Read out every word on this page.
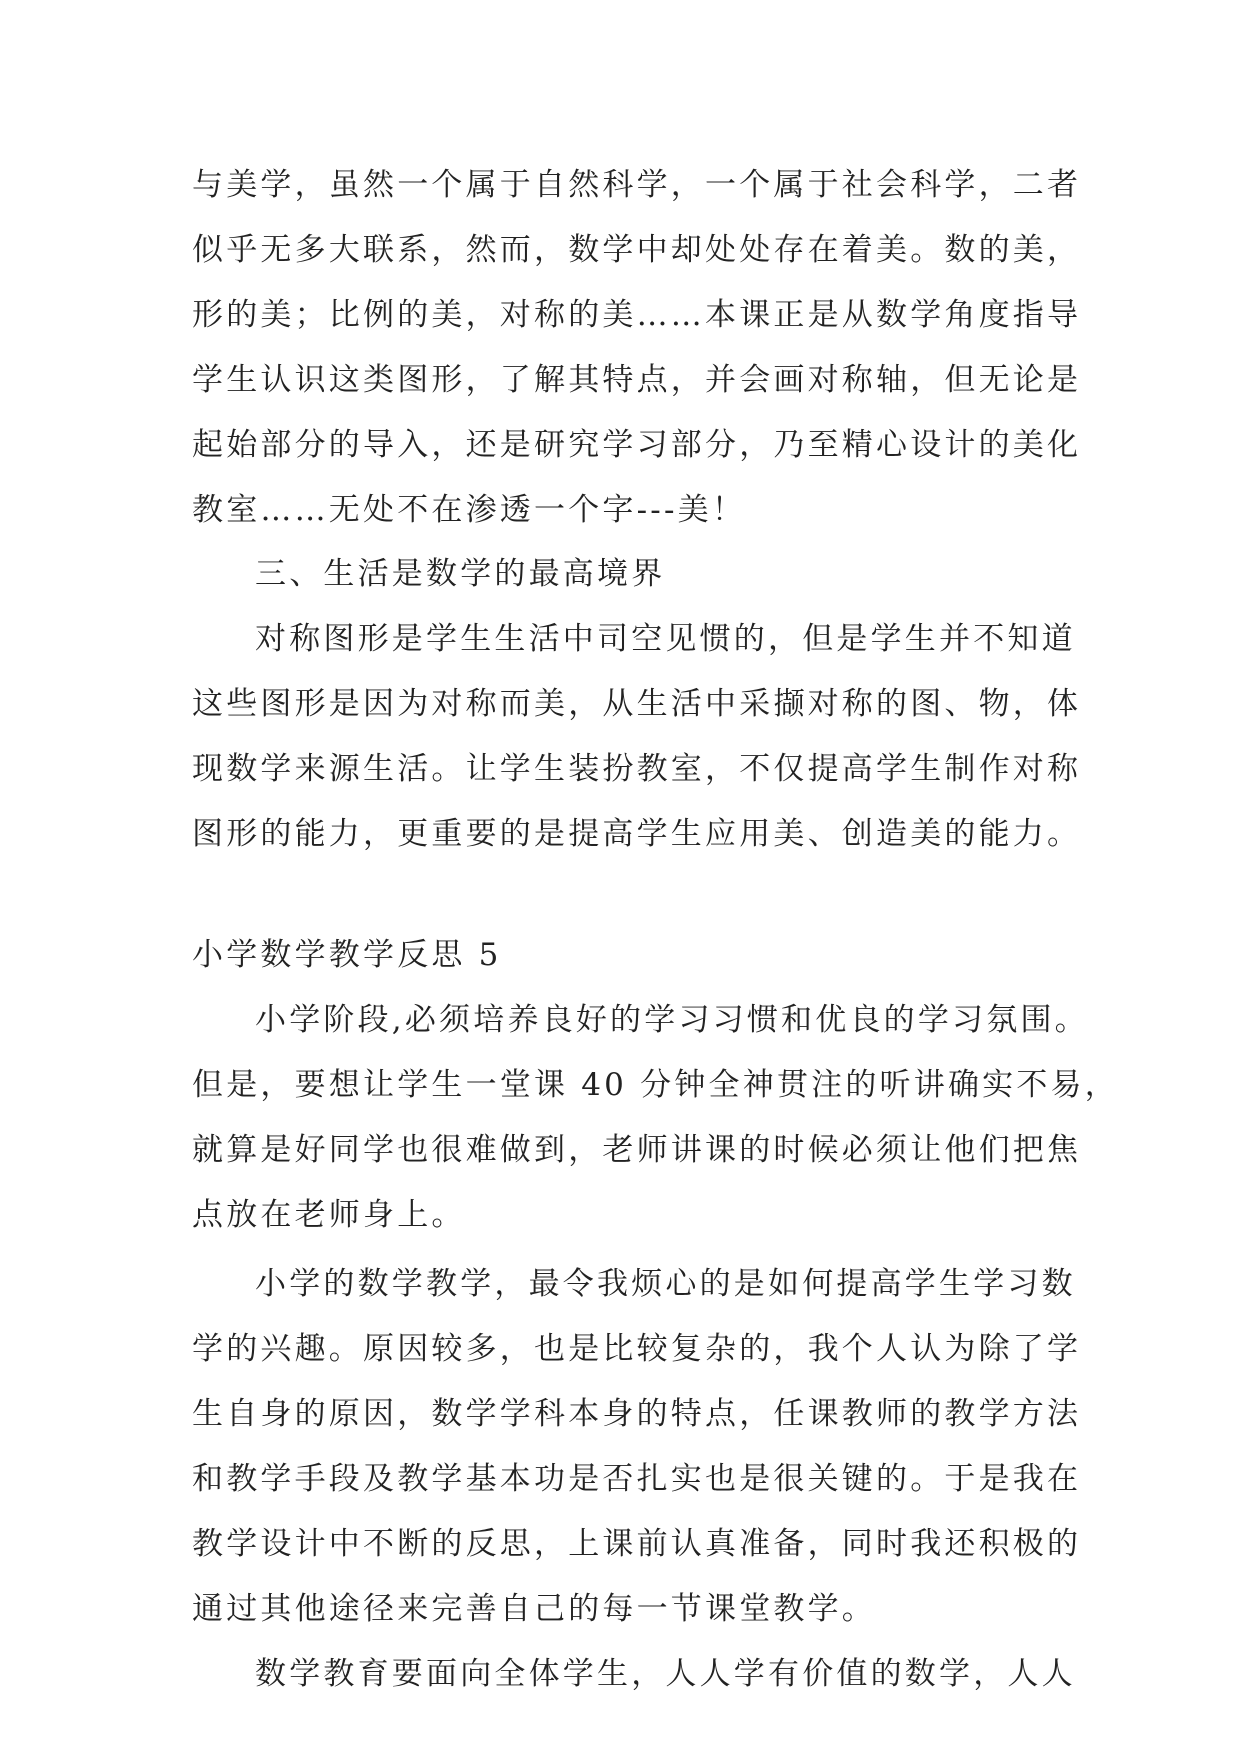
与美学，虽然一个属于自然科学，一个属于社会科学，二者
似乎无多大联系，然而，数学中却处处存在着美。数的美，
形的美；比例的美，对称的美……本课正是从数学角度指导
学生认识这类图形，了解其特点，并会画对称轴，但无论是
起始部分的导入，还是研究学习部分，乃至精心设计的美化
教室……无处不在渗透一个字---美！
三、生活是数学的最高境界
对称图形是学生生活中司空见惯的，但是学生并不知道
这些图形是因为对称而美，从生活中采撷对称的图、物，体
现数学来源生活。让学生装扮教室，不仅提高学生制作对称
图形的能力，更重要的是提高学生应用美、创造美的能力。
小学数学教学反思 5
小学阶段,必须培养良好的学习习惯和优良的学习氛围。
但是，要想让学生一堂课 40 分钟全神贯注的听讲确实不易，
就算是好同学也很难做到，老师讲课的时候必须让他们把焦
点放在老师身上。
小学的数学教学，最令我烦心的是如何提高学生学习数
学的兴趣。原因较多，也是比较复杂的，我个人认为除了学
生自身的原因，数学学科本身的特点，任课教师的教学方法
和教学手段及教学基本功是否扎实也是很关键的。于是我在
教学设计中不断的反思，上课前认真准备，同时我还积极的
通过其他途径来完善自己的每一节课堂教学。
数学教育要面向全体学生，人人学有价值的数学，人人
